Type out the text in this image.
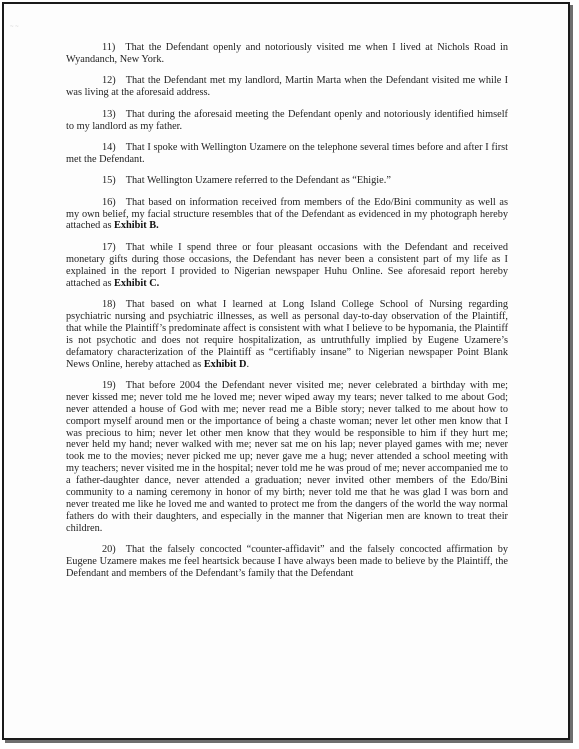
~ ~

11) That the Defendant openly and notoriously visited me when I lived at Nichols Road in Wyandanch, New York.

12) That the Defendant met my landlord, Martin Marta when the Defendant visited me while I was living at the aforesaid address.

13) That during the aforesaid meeting the Defendant openly and notoriously identified himself to my landlord as my father.

14) That I spoke with Wellington Uzamere on the telephone several times before and after I first met the Defendant.

15) That Wellington Uzamere referred to the Defendant as “Ehigie.”

16) That based on information received from members of the Edo/Bini community as well as my own belief, my facial structure resembles that of the Defendant as evidenced in my photograph hereby attached as Exhibit B.

17) That while I spend three or four pleasant occasions with the Defendant and received monetary gifts during those occasions, the Defendant has never been a consistent part of my life as I explained in the report I provided to Nigerian newspaper Huhu Online. See aforesaid report hereby attached as Exhibit C.

18) That based on what I learned at Long Island College School of Nursing regarding psychiatric nursing and psychiatric illnesses, as well as personal day-to-day observation of the Plaintiff, that while the Plaintiff’s predominate affect is consistent with what I believe to be hypomania, the Plaintiff is not psychotic and does not require hospitalization, as untruthfully implied by Eugene Uzamere’s defamatory characterization of the Plaintiff as “certifiably insane” to Nigerian newspaper Point Blank News Online, hereby attached as Exhibit D.

19) That before 2004 the Defendant never visited me; never celebrated a birthday with me; never kissed me; never told me he loved me; never wiped away my tears; never talked to me about God; never attended a house of God with me; never read me a Bible story; never talked to me about how to comport myself around men or the importance of being a chaste woman; never let other men know that I was precious to him; never let other men know that they would be responsible to him if they hurt me; never held my hand; never walked with me; never sat me on his lap; never played games with me; never took me to the movies; never picked me up; never gave me a hug; never attended a school meeting with my teachers; never visited me in the hospital; never told me he was proud of me; never accompanied me to a father-daughter dance, never attended a graduation; never invited other members of the Edo/Bini community to a naming ceremony in honor of my birth; never told me that he was glad I was born and never treated me like he loved me and wanted to protect me from the dangers of the world the way normal fathers do with their daughters, and especially in the manner that Nigerian men are known to treat their children.

20) That the falsely concocted “counter-affidavit” and the falsely concocted affirmation by Eugene Uzamere makes me feel heartsick because I have always been made to believe by the Plaintiff, the Defendant and members of the Defendant’s family that the Defendant
